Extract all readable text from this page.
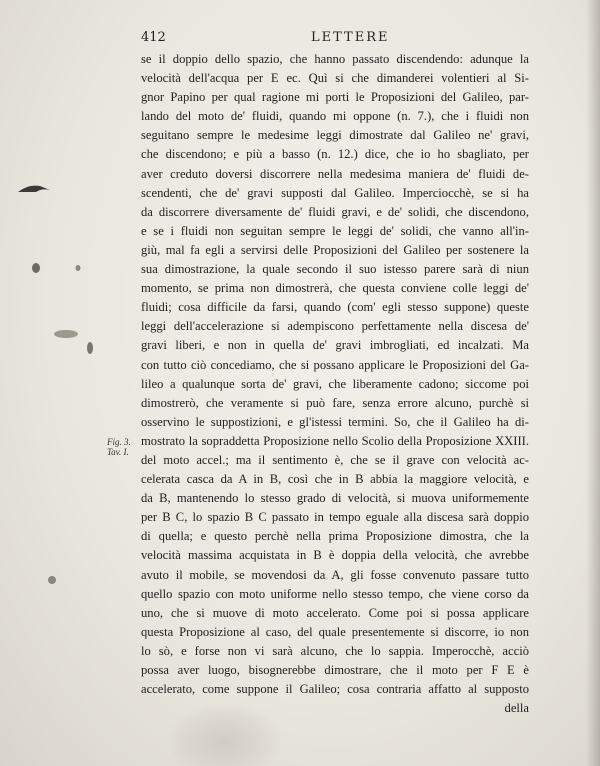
412	LETTERE
Fig. 3.
Tav. I.
se il doppio dello spazio, che hanno passato discendendo: adunque la
velocità dell'acqua per E ec. Quì si che dimanderei volentieri al Si-
gnor Papino per qual ragione mi porti le Proposizioni del Galileo, par-
lando del moto de' fluidi, quando mi oppone (n. 7.), che i fluidi non
seguitano sempre le medesime leggi dimostrate dal Galileo ne' gravi,
che discendono; e più a basso (n. 12.) dice, che io ho sbagliato, per
aver creduto doversi discorrere nella medesima maniera de' fluidi de-
scendenti, che de' gravi supposti dal Galileo. Imperciocchè, se si ha
da discorrere diversamente de' fluidi gravi, e de' solidi, che discendono,
e se i fluidi non seguitan sempre le leggi de' solidi, che vanno all'in-
giù, mal fa egli a servirsi delle Proposizioni del Galileo per sostenere la
sua dimostrazione, la quale secondo il suo istesso parere sarà di niun
momento, se prima non dimostrerà, che questa conviene colle leggi de'
fluidi; cosa difficile da farsi, quando (com' egli stesso suppone) queste
leggi dell'accelerazione si adempiscono perfettamente nella discesa de'
gravi liberi, e non in quella de' gravi imbrogliati, ed incalzati. Ma
con tutto ciò concediamo, che si possano applicare le Proposizioni del Ga-
lileo a qualunque sorta de' gravi, che liberamente cadono; siccome poi
dimostrerò, che veramente si può fare, senza errore alcuno, purchè si
osservino le suppostizioni, e gl'istessi termini. So, che il Galileo ha di-
mostrato la sopraddetta Proposizione nello Scolio della Proposizione XXIII.
del moto accel.; ma il sentimento è, che se il grave con velocità ac-
celerata casca da A in B, così che in B abbia la maggiore velocità, e
da B, mantenendo lo stesso grado di velocità, si muova uniformemente
per B C, lo spazio B C passato in tempo eguale alla discesa sarà doppio
di quella; e questo perchè nella prima Proposizione dimostra, che la
velocità massima acquistata in B è doppia della velocità, che avrebbe
avuto il mobile, se movendosi da A, gli fosse convenuto passare tutto
quello spazio con moto uniforme nello stesso tempo, che viene corso da
uno, che si muove di moto accelerato. Come poi si possa applicare
questa Proposizione al caso, del quale presentemente si discorre, io non
lo sò, e forse non vi sarà alcuno, che lo sappia. Imperocchè, acciò
possa aver luogo, bisognerebbe dimostrare, che il moto per F E è
accelerato, come suppone il Galileo; cosa contraria affatto al supposto
della
